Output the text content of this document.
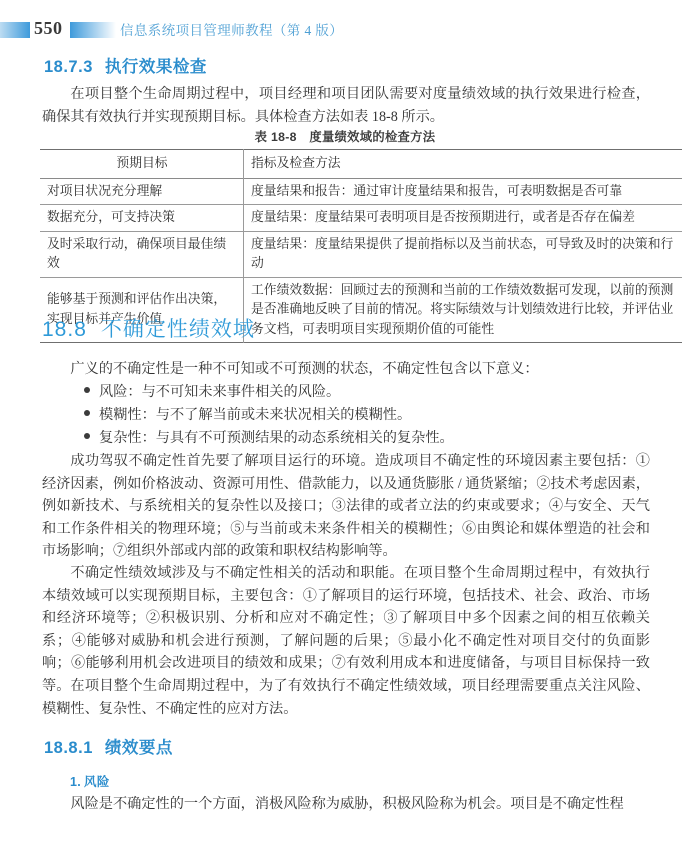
550	信息系统项目管理师教程（第 4 版）
18.7.3 执行效果检查
在项目整个生命周期过程中，项目经理和项目团队需要对度量绩效域的执行效果进行检查，确保其有效执行并实现预期目标。具体检查方法如表 18-8 所示。
表 18-8　度量绩效域的检查方法
预期目标	指标及检查方法
对项目状况充分理解	度量结果和报告：通过审计度量结果和报告，可表明数据是否可靠
数据充分，可支持决策	度量结果：度量结果可表明项目是否按预期进行，或者是否存在偏差
及时采取行动，确保项目最佳绩效	度量结果：度量结果提供了提前指标以及当前状态，可导致及时的决策和行动
能够基于预测和评估作出决策，实现目标并产生价值	工作绩效数据：回顾过去的预测和当前的工作绩效数据可发现，以前的预测是否准确地反映了目前的情况。将实际绩效与计划绩效进行比较，并评估业务文档，可表明项目实现预期价值的可能性
18.8 不确定性绩效域
广义的不确定性是一种不可知或不可预测的状态，不确定性包含以下意义：
风险：与不可知未来事件相关的风险。
模糊性：与不了解当前或未来状况相关的模糊性。
复杂性：与具有不可预测结果的动态系统相关的复杂性。
成功驾驭不确定性首先要了解项目运行的环境。造成项目不确定性的环境因素主要包括：①经济因素，例如价格波动、资源可用性、借款能力，以及通货膨胀 / 通货紧缩；②技术考虑因素，例如新技术、与系统相关的复杂性以及接口；③法律的或者立法的约束或要求；④与安全、天气和工作条件相关的物理环境；⑤与当前或未来条件相关的模糊性；⑥由舆论和媒体塑造的社会和市场影响；⑦组织外部或内部的政策和职权结构影响等。
不确定性绩效域涉及与不确定性相关的活动和职能。在项目整个生命周期过程中，有效执行本绩效域可以实现预期目标，主要包含：①了解项目的运行环境，包括技术、社会、政治、市场和经济环境等；②积极识别、分析和应对不确定性；③了解项目中多个因素之间的相互依赖关系；④能够对威胁和机会进行预测，了解问题的后果；⑤最小化不确定性对项目交付的负面影响；⑥能够利用机会改进项目的绩效和成果；⑦有效利用成本和进度储备，与项目目标保持一致等。 在项目整个生命周期过程中，为了有效执行不确定性绩效域，项目经理需要重点关注风险、模糊性、复杂性、不确定性的应对方法。
18.8.1 绩效要点
1. 风险
风险是不确定性的一个方面，消极风险称为威胁，积极风险称为机会。项目是不确定性程
